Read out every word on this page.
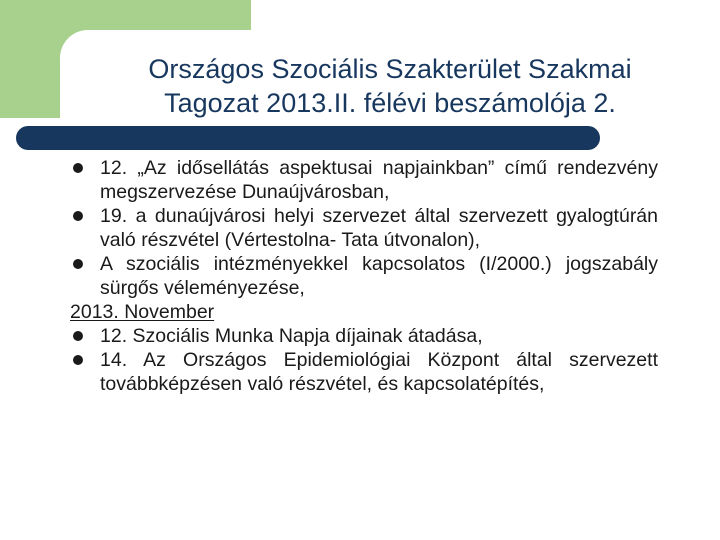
Országos Szociális Szakterület Szakmai
Tagozat 2013.II. félévi beszámolója 2.
12. „Az idősellátás aspektusai napjainkban” című rendezvény megszervezése Dunaújvárosban,
19. a dunaújvárosi helyi szervezet által szervezett gyalogtúrán való részvétel (Vértestolna- Tata útvonalon),
A szociális intézményekkel kapcsolatos (I/2000.) jogszabály sürgős véleményezése,
2013. November
12. Szociális Munka Napja díjainak átadása,
14. Az Országos Epidemiológiai Központ által szervezett továbbképzésen való részvétel, és kapcsolatépítés,
